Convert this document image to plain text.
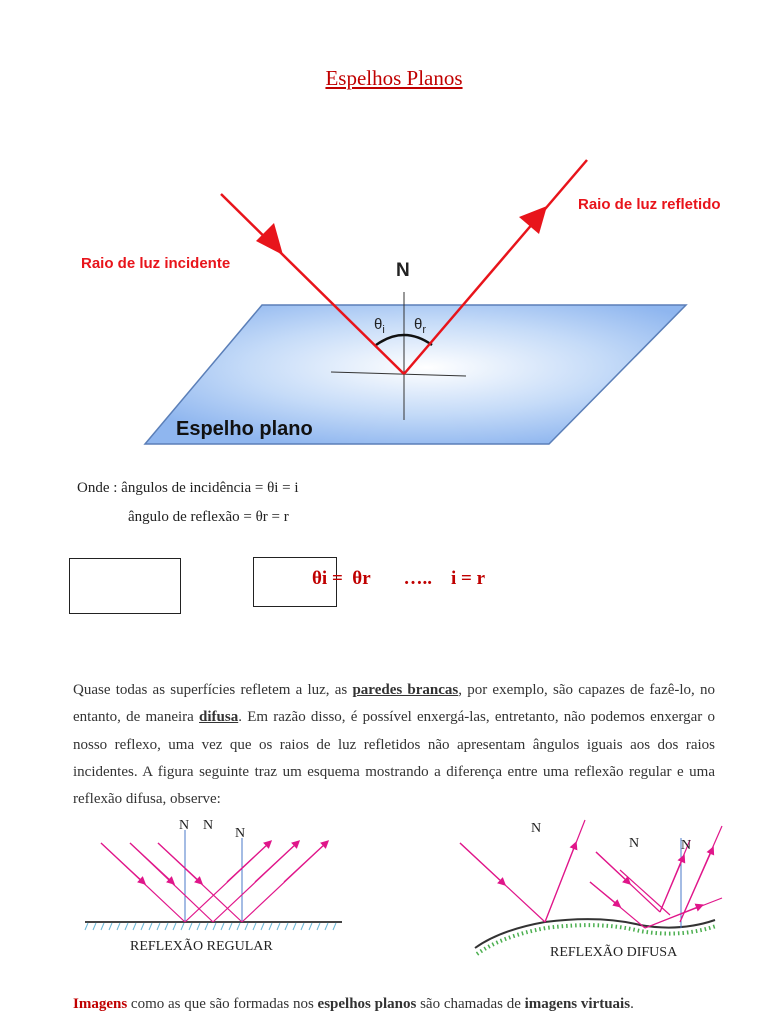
Espelhos Planos
N
$\theta_i$ $\theta_r$
Raio de luz incidente
Raio de luz refletido
Espelho plano
Onde : ângulos de incidência = θi = i
ângulo de reflexão = θr = r
θi =  θr       …..    i = r
Quase todas as superfícies refletem a luz, as paredes brancas, por exemplo, são capazes de fazê-lo, no entanto, de maneira difusa. Em razão disso, é possível enxergá-las, entretanto, não podemos enxergar o nosso reflexo, uma vez que os raios de luz refletidos não apresentam ângulos iguais aos dos raios incidentes. A figura seguinte traz um esquema mostrando a diferença entre uma reflexão regular e uma reflexão difusa, observe:
N N
N
REFLEXÃO REGULAR
N
N	N
REFLEXÃO DIFUSA
Imagens como as que são formadas nos espelhos planos são chamadas de imagens virtuais.
